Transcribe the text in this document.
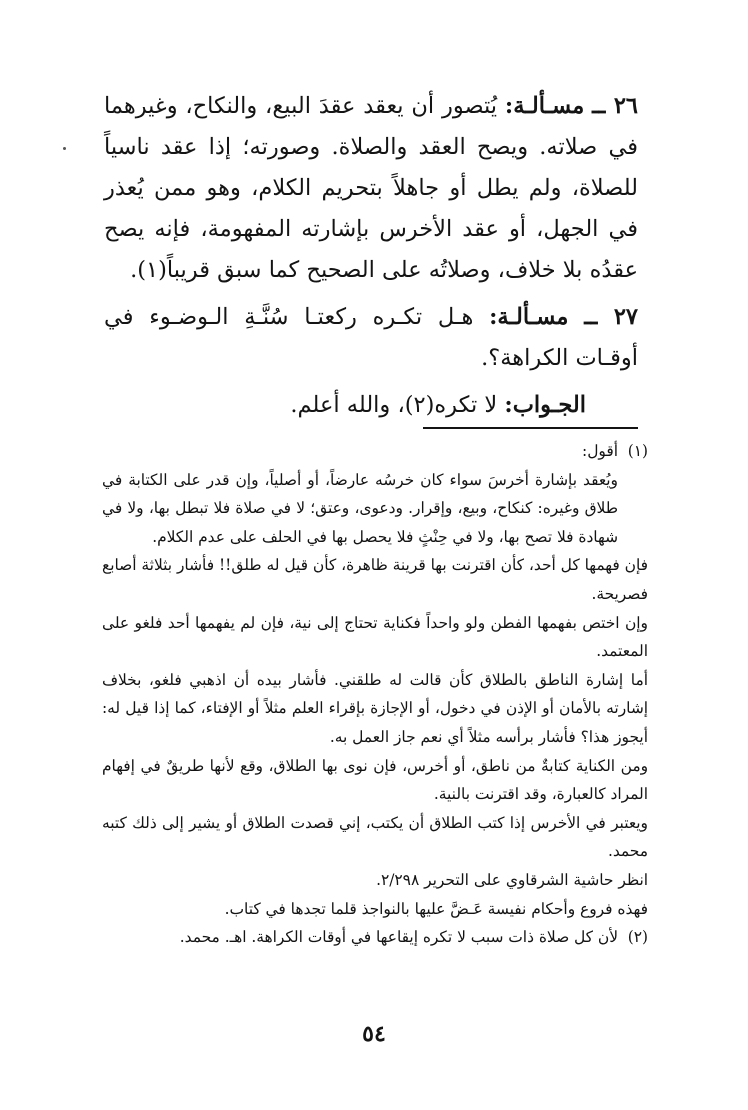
٢٦ ــ مسـألـة: يُتصور أن يعقد عقدَ البيع، والنكاح، وغيرهما في صلاته. ويصح العقد والصلاة. وصورته؛ إذا عقد ناسياً للصلاة، ولم يطل أو جاهلاً بتحريم الكلام، وهو ممن يُعذر في الجهل، أو عقد الأخرس بإشارته المفهومة، فإنه يصح عقدُه بلا خلاف، وصلاتُه على الصحيح كما سبق قريباً(١).

٢٧ ــ مسـألـة: هـل تكـره ركعتـا سُنَّـةِ الـوضـوء في أوقـات الكراهة؟.

الجـواب: لا تكره(٢)، والله أعلم.

(١)

أقول:

ويُعقد بإشارة أخرسَ سواء كان خرسُه عارضاً، أو أصلياً، وإن قدر على الكتابة في طلاق وغيره: كنكاح، وبيع، وإقرار. ودعوى، وعتق؛ لا في صلاة فلا تبطل بها، ولا في شهادة فلا تصح بها، ولا في حِنْثٍ فلا يحصل بها في الحلف على عدم الكلام.

فإن فهمها كل أحد، كأن اقترنت بها قرينة ظاهرة، كأن قيل له طلق!! فأشار بثلاثة أصابع فصريحة.

وإن اختص بفهمها الفطن ولو واحداً فكناية تحتاج إلى نية، فإن لم يفهمها أحد فلغو على المعتمد.

أما إشارة الناطق بالطلاق كأن قالت له طلقني. فأشار بيده أن اذهبي فلغو، بخلاف إشارته بالأمان أو الإذن في دخول، أو الإجازة بإقراء العلم مثلاً أو الإفتاء، كما إذا قيل له: أيجوز هذا؟ فأشار برأسه مثلاً أي نعم جاز العمل به.

ومن الكناية كتابةٌ من ناطق، أو أخرس، فإن نوى بها الطلاق، وقع لأنها طريقٌ في إفهام المراد كالعبارة، وقد اقترنت بالنية.

ويعتبر في الأخرس إذا كتب الطلاق أن يكتب، إني قصدت الطلاق أو يشير إلى ذلك كتبه محمد.

انظر حاشية الشرقاوي على التحرير ٢/٢٩٨.

فهذه فروع وأحكام نفيسة عَـضَّ عليها بالنواجذ قلما تجدها في كتاب.

(٢)

لأن كل صلاة ذات سبب لا تكره إيقاعها في أوقات الكراهة. اهـ. محمد.

٥٤
